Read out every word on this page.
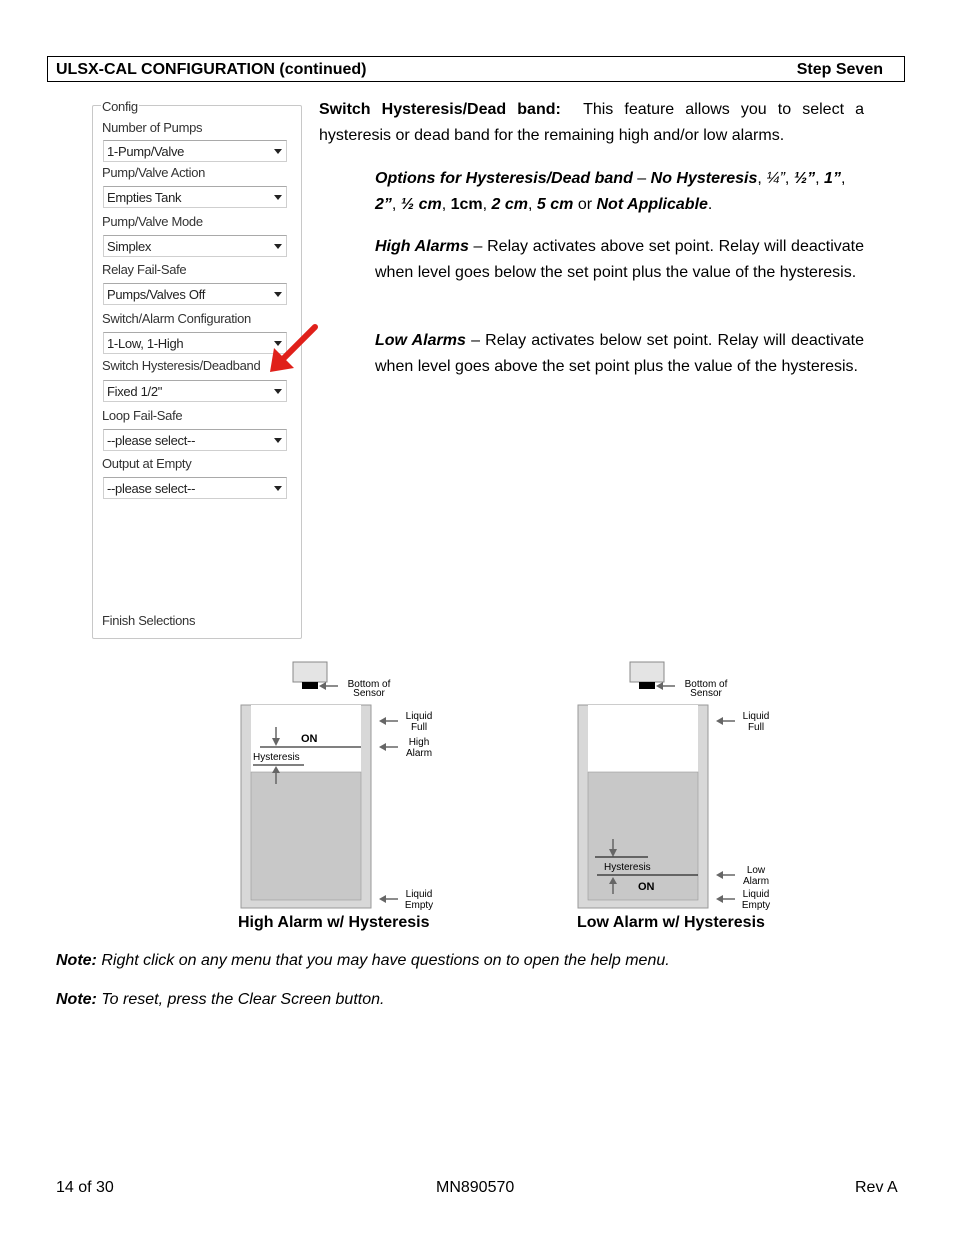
ULSX-CAL CONFIGURATION (continued)	Step Seven
Config
Number of Pumps
1-Pump/Valve
Pump/Valve Action
Empties Tank
Pump/Valve Mode
Simplex
Relay Fail-Safe
Pumps/Valves Off
Switch/Alarm Configuration
1-Low, 1-High
Switch Hysteresis/Deadband
Fixed 1/2"
Loop Fail-Safe
--please select--
Output at Empty
--please select--
Finish Selections
Switch Hysteresis/Dead band: This feature allows you to select a hysteresis or dead band for the remaining high and/or low alarms.
Options for Hysteresis/Dead band – No Hysteresis, ¼”, ½”, 1”, 2”, ½ cm, 1cm, 2 cm, 5 cm or Not Applicable.
High Alarms – Relay activates above set point. Relay will deactivate when level goes below the set point plus the value of the hysteresis.
Low Alarms – Relay activates below set point. Relay will deactivate when level goes above the set point plus the value of the hysteresis.
ON
Hysteresis
Bottom of
Sensor
Liquid
Full
High
Alarm
Liquid
Empty
High Alarm w/ Hysteresis
Hysteresis
ON
Bottom of
Sensor
Liquid
Full
Low
Alarm
Liquid
Empty
Low Alarm w/ Hysteresis
Note: Right click on any menu that you may have questions on to open the help menu.
Note: To reset, press the Clear Screen button.
14 of 30	MN890570	Rev A
